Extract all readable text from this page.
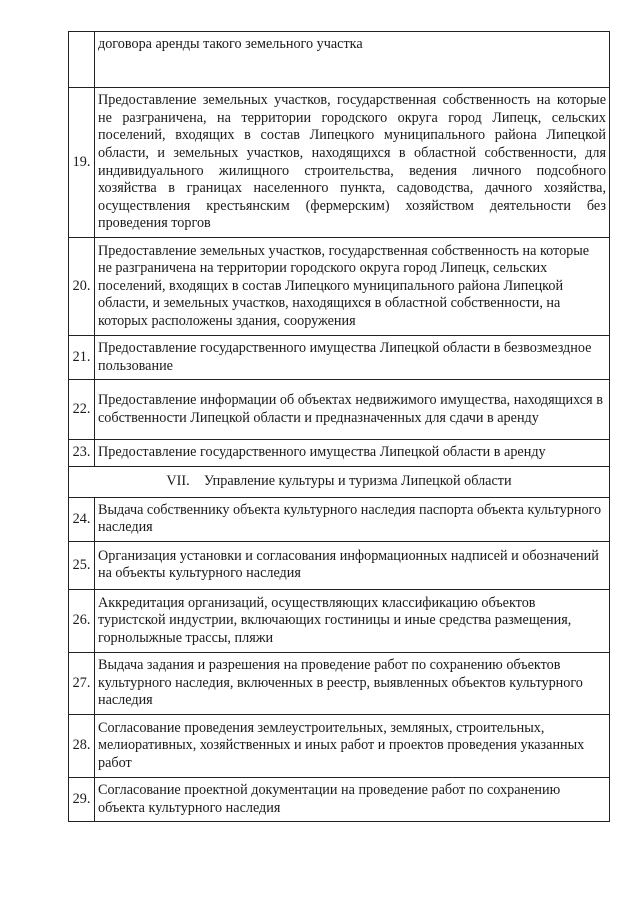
	договора аренды такого земельного участка
19.	Предоставление земельных участков, государственная собственность на которые не разграничена, на территории городского округа город Липецк, сельских поселений, входящих в состав Липецкого муниципального района Липецкой области, и земельных участков, находящихся в областной собственности, для индивидуального жилищного строительства, ведения личного подсобного хозяйства в границах населенного пункта, садоводства, дачного хозяйства, осуществления крестьянским (фермерским) хозяйством деятельности без проведения торгов
20.	Предоставление земельных участков, государственная собственность на которые не разграничена на территории городского округа город Липецк, сельских поселений, входящих в состав Липецкого муниципального района Липецкой области, и земельных участков, находящихся в областной собственности, на которых расположены здания, сооружения
21.	Предоставление государственного имущества Липецкой области в безвозмездное пользование
22.	Предоставление информации об объектах недвижимого имущества, находящихся в собственности Липецкой области и предназначенных для сдачи в аренду
23.	Предоставление государственного имущества Липецкой области в аренду
VII.    Управление культуры и туризма Липецкой области	
24.	Выдача собственнику объекта культурного наследия паспорта объекта культурного наследия
25.	Организация установки и согласования информационных надписей и обозначений на объекты культурного наследия
26.	Аккредитация организаций, осуществляющих классификацию объектов туристской индустрии, включающих гостиницы и иные средства размещения, горнолыжные трассы, пляжи
27.	Выдача задания и разрешения на проведение работ по сохранению объектов культурного наследия, включенных в реестр, выявленных объектов культурного наследия
28.	Согласование проведения землеустроительных, земляных, строительных, мелиоративных, хозяйственных и иных работ и проектов проведения указанных работ
29.	Согласование проектной документации на проведение работ по сохранению объекта культурного наследия
